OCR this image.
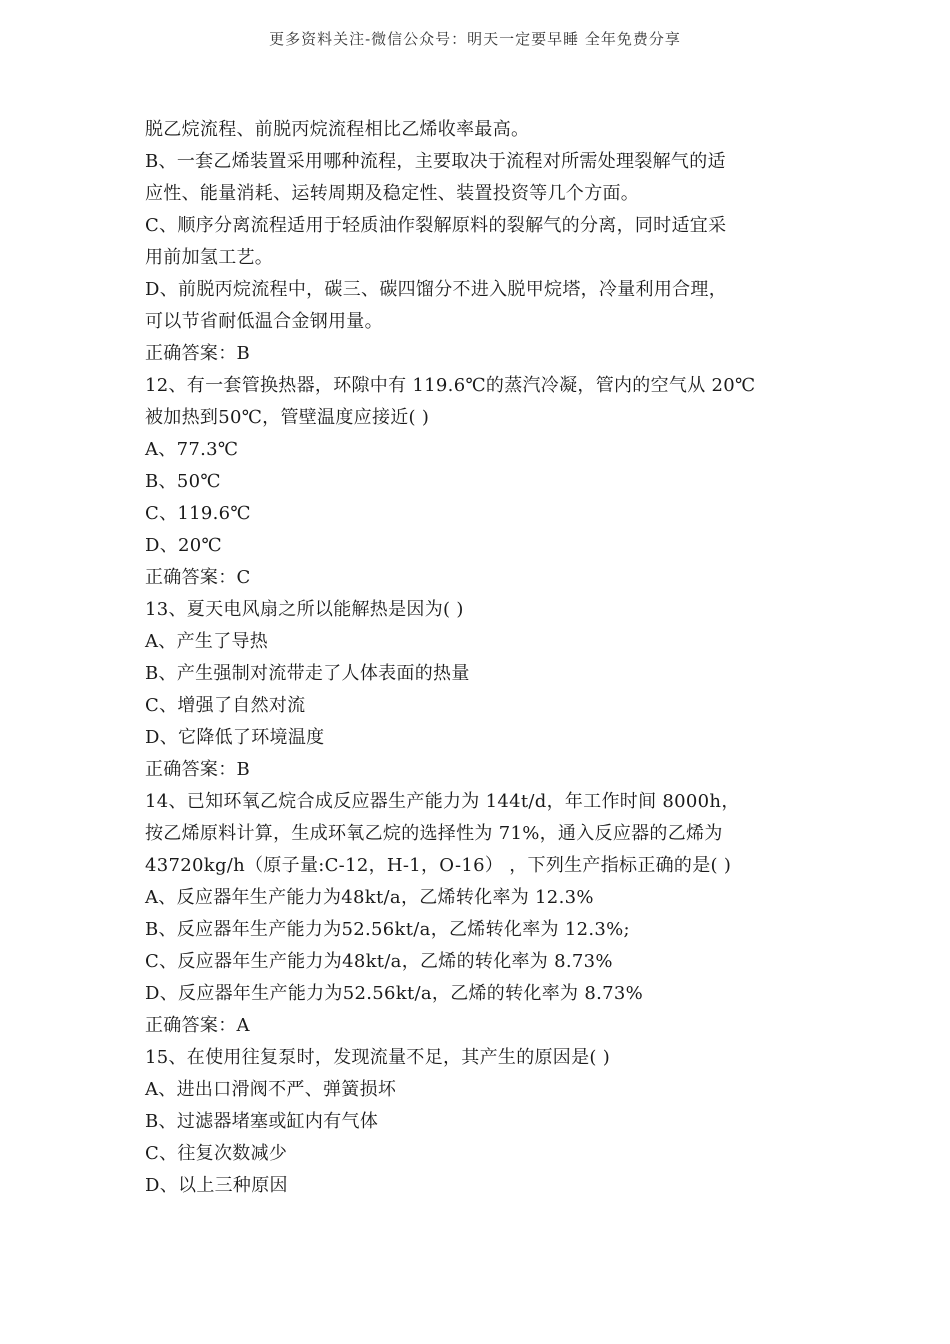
更多资料关注-微信公众号：明天一定要早睡 全年免费分享
脱乙烷流程、前脱丙烷流程相比乙烯收率最高。
B、一套乙烯装置采用哪种流程，主要取决于流程对所需处理裂解气的适
应性、能量消耗、运转周期及稳定性、装置投资等几个方面。
C、顺序分离流程适用于轻质油作裂解原料的裂解气的分离，同时适宜采
用前加氢工艺。
D、前脱丙烷流程中，碳三、碳四馏分不进入脱甲烷塔，冷量利用合理，
可以节省耐低温合金钢用量。
正确答案：B
12、有一套管换热器，环隙中有 119.6℃的蒸汽冷凝，管内的空气从 20℃
被加热到50℃，管壁温度应接近( )
A、77.3℃
B、50℃
C、119.6℃
D、20℃
正确答案：C
13、夏天电风扇之所以能解热是因为( )
A、产生了导热
B、产生强制对流带走了人体表面的热量
C、增强了自然对流
D、它降低了环境温度
正确答案：B
14、已知环氧乙烷合成反应器生产能力为 144t/d，年工作时间 8000h，
按乙烯原料计算，生成环氧乙烷的选择性为 71%，通入反应器的乙烯为
43720kg/h（原子量:C-12，H-1，O-16） ，下列生产指标正确的是( )
A、反应器年生产能力为48kt/a，乙烯转化率为 12.3%
B、反应器年生产能力为52.56kt/a，乙烯转化率为 12.3%;
C、反应器年生产能力为48kt/a，乙烯的转化率为 8.73%
D、反应器年生产能力为52.56kt/a，乙烯的转化率为 8.73%
正确答案：A
15、在使用往复泵时，发现流量不足，其产生的原因是( )
A、进出口滑阀不严、弹簧损坏
B、过滤器堵塞或缸内有气体
C、往复次数减少
D、以上三种原因
